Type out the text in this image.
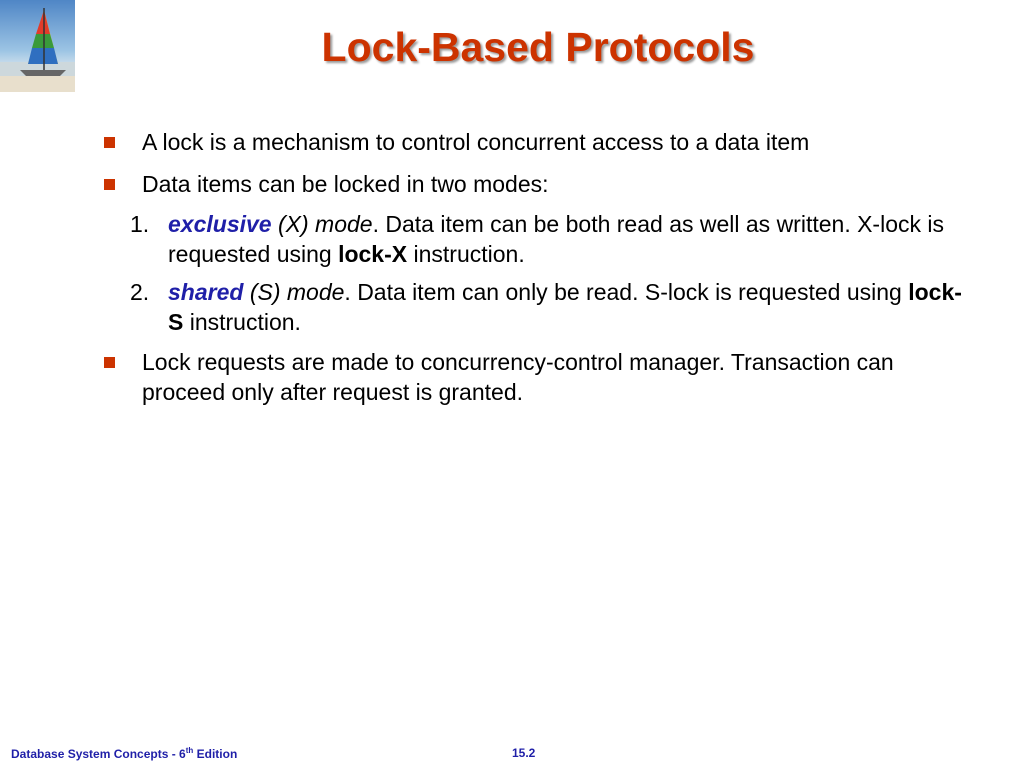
Lock-Based Protocols
A lock is a mechanism to control concurrent access to a data item
Data items can be locked in two modes:
1. exclusive (X) mode. Data item can be both read as well as written. X-lock is requested using lock-X instruction.
2. shared (S) mode. Data item can only be read. S-lock is requested using lock-S instruction.
Lock requests are made to concurrency-control manager. Transaction can proceed only after request is granted.
Database System Concepts - 6th Edition	15.2
